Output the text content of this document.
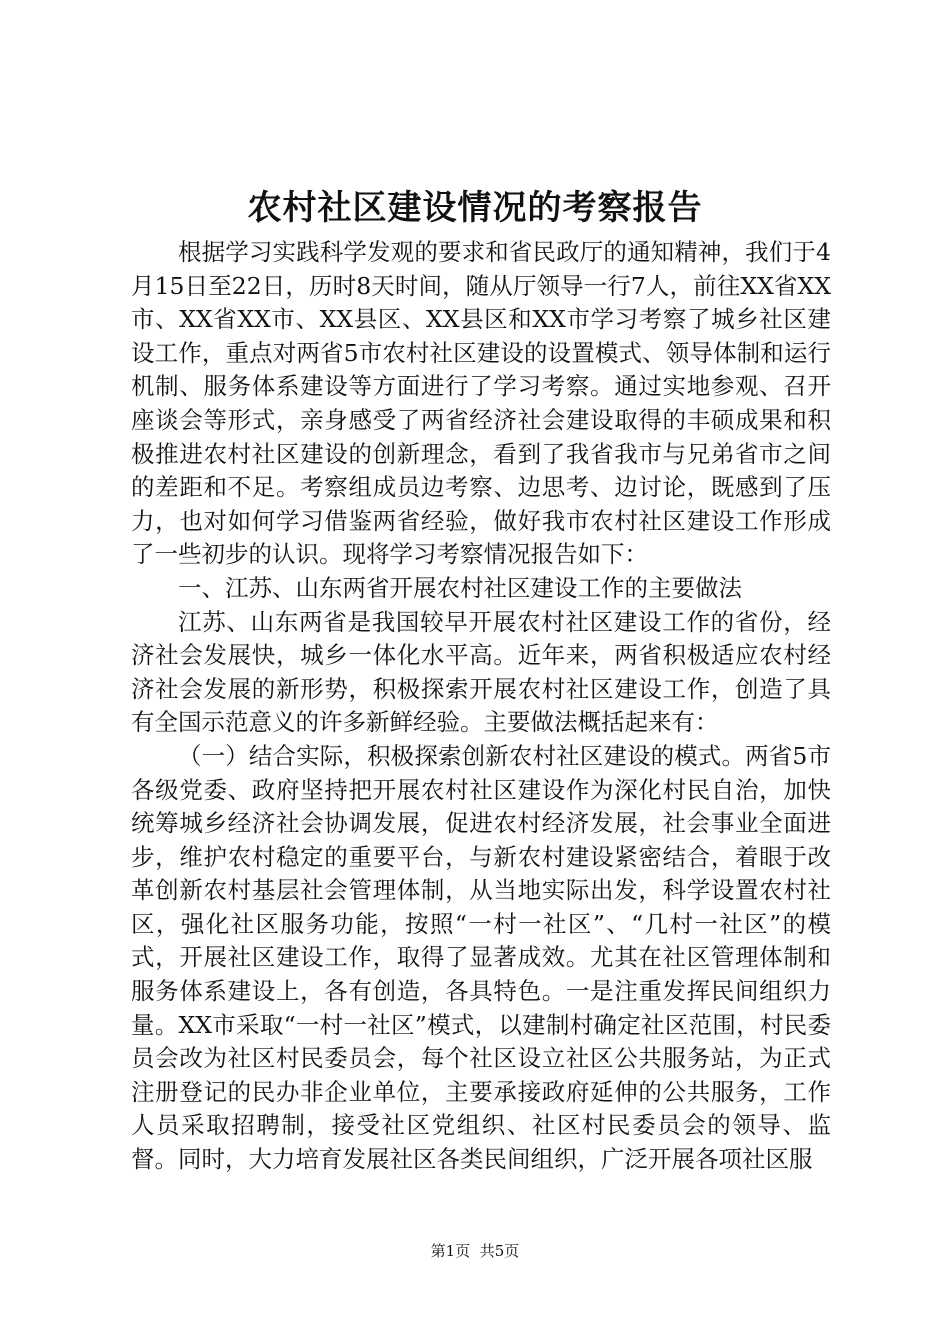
农村社区建设情况的考察报告

根据学习实践科学发观的要求和省民政厅的通知精神，我们于4月15日至22日，历时8天时间，随从厅领导一行7人，前往XX省XX市、XX省XX市、XX县区、XX县区和XX市学习考察了城乡社区建设工作，重点对两省5市农村社区建设的设置模式、领导体制和运行机制、服务体系建设等方面进行了学习考察。通过实地参观、召开座谈会等形式，亲身感受了两省经济社会建设取得的丰硕成果和积极推进农村社区建设的创新理念，看到了我省我市与兄弟省市之间的差距和不足。考察组成员边考察、边思考、边讨论，既感到了压力，也对如何学习借鉴两省经验，做好我市农村社区建设工作形成了一些初步的认识。现将学习考察情况报告如下：

一、江苏、山东两省开展农村社区建设工作的主要做法

江苏、山东两省是我国较早开展农村社区建设工作的省份，经济社会发展快，城乡一体化水平高。近年来，两省积极适应农村经济社会发展的新形势，积极探索开展农村社区建设工作，创造了具有全国示范意义的许多新鲜经验。主要做法概括起来有：

（一）结合实际，积极探索创新农村社区建设的模式。两省5市各级党委、政府坚持把开展农村社区建设作为深化村民自治，加快统筹城乡经济社会协调发展，促进农村经济发展，社会事业全面进步，维护农村稳定的重要平台，与新农村建设紧密结合，着眼于改革创新农村基层社会管理体制，从当地实际出发，科学设置农村社区，强化社区服务功能，按照“一村一社区”、“几村一社区”的模式，开展社区建设工作，取得了显著成效。尤其在社区管理体制和服务体系建设上，各有创造，各具特色。一是注重发挥民间组织力量。XX市采取“一村一社区”模式，以建制村确定社区范围，村民委员会改为社区村民委员会，每个社区设立社区公共服务站，为正式注册登记的民办非企业单位，主要承接政府延伸的公共服务，工作人员采取招聘制，接受社区党组织、社区村民委员会的领导、监督。同时，大力培育发展社区各类民间组织，广泛开展各项社区服

第1页 共5页
